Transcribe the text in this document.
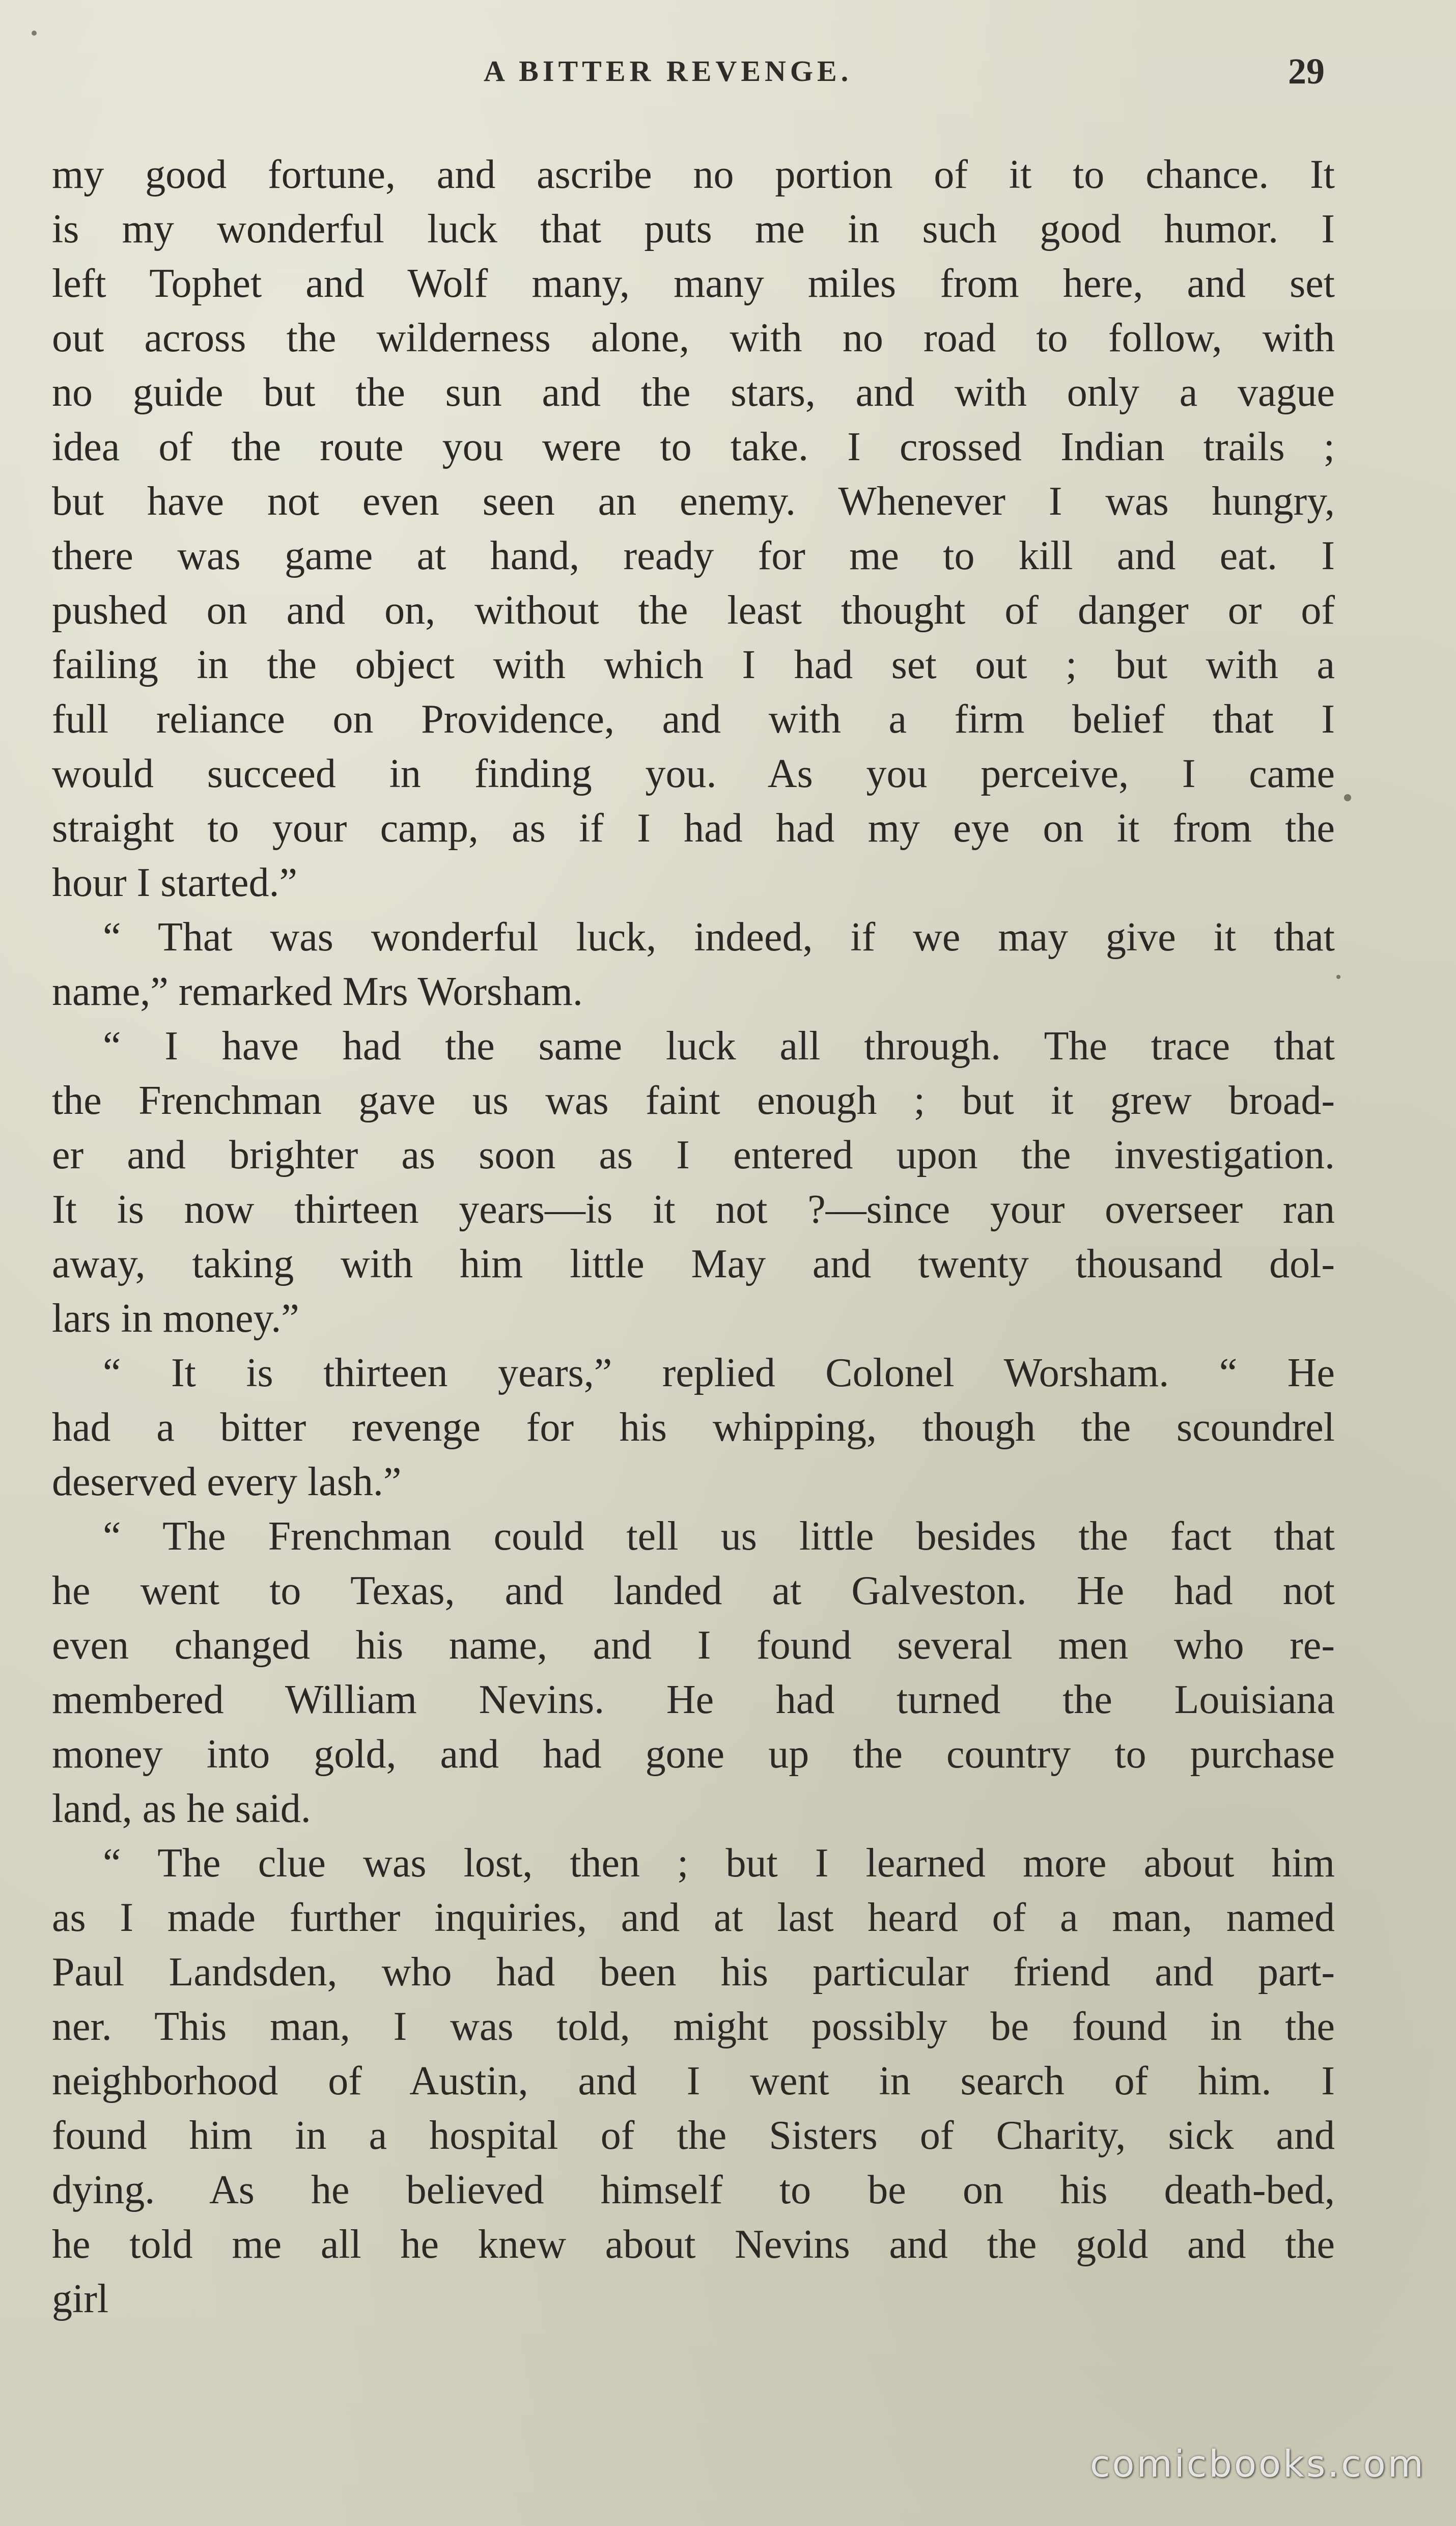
A BITTER REVENGE.	29
my good fortune, and ascribe no portion of it to chance. It
is my wonderful luck that puts me in such good humor. I
left Tophet and Wolf many, many miles from here, and set
out across the wilderness alone, with no road to follow, with
no guide but the sun and the stars, and with only a vague
idea of the route you were to take. I crossed Indian trails ;
but have not even seen an enemy. Whenever I was hungry,
there was game at hand, ready for me to kill and eat. I
pushed on and on, without the least thought of danger or of
failing in the object with which I had set out ; but with a
full reliance on Providence, and with a firm belief that I
would succeed in finding you. As you perceive, I came
straight to your camp, as if I had had my eye on it from the
hour I started.”
“ That was wonderful luck, indeed, if we may give it that
name,” remarked Mrs Worsham.
“ I have had the same luck all through. The trace that
the Frenchman gave us was faint enough ; but it grew broad-
er and brighter as soon as I entered upon the investigation.
It is now thirteen years—is it not ?—since your overseer ran
away, taking with him little May and twenty thousand dol-
lars in money.”
“ It is thirteen years,” replied Colonel Worsham. “ He
had a bitter revenge for his whipping, though the scoundrel
deserved every lash.”
“ The Frenchman could tell us little besides the fact that
he went to Texas, and landed at Galveston. He had not
even changed his name, and I found several men who re-
membered William Nevins. He had turned the Louisiana
money into gold, and had gone up the country to purchase
land, as he said.
“ The clue was lost, then ; but I learned more about him
as I made further inquiries, and at last heard of a man, named
Paul Landsden, who had been his particular friend and part-
ner. This man, I was told, might possibly be found in the
neighborhood of Austin, and I went in search of him. I
found him in a hospital of the Sisters of Charity, sick and
dying. As he believed himself to be on his death-bed,
he told me all he knew about Nevins and the gold and the
girl
comicbooks.com
